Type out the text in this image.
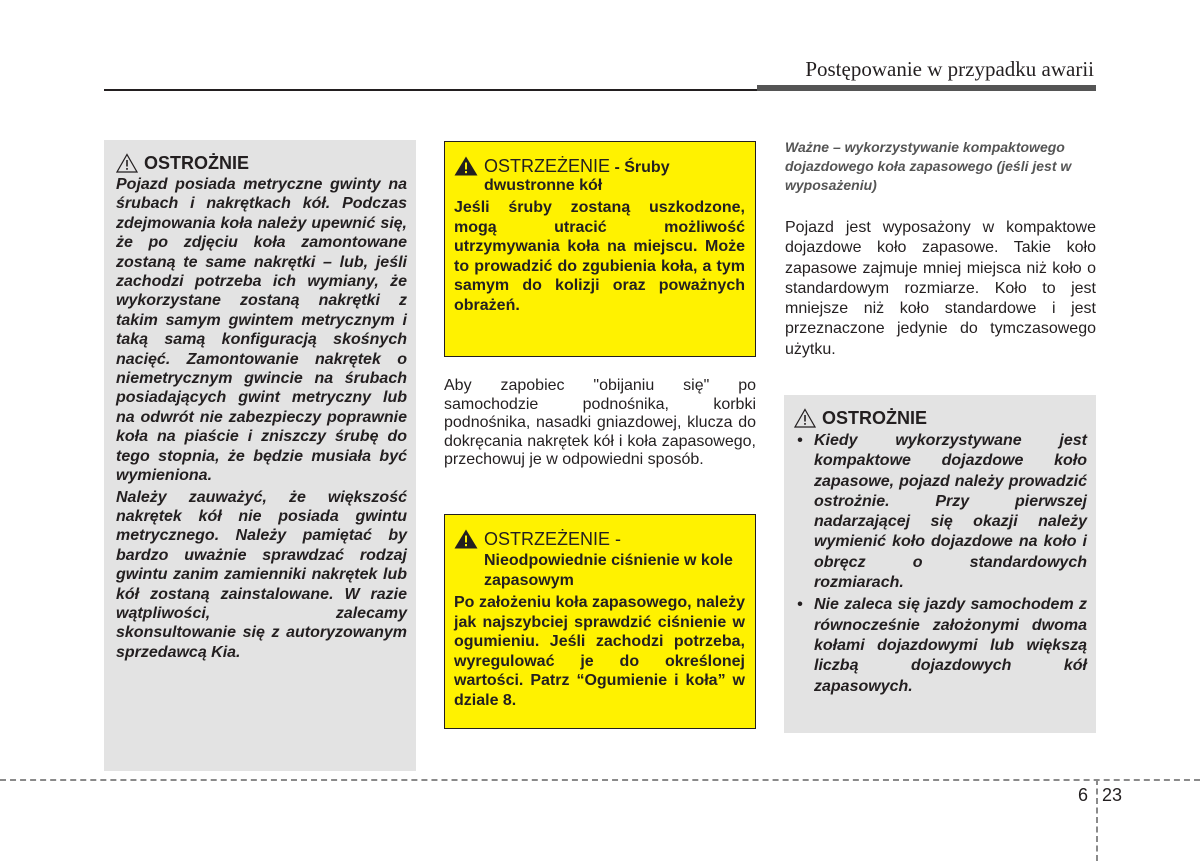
Postępowanie w przypadku awarii
OSTROŻNIE
Pojazd posiada metryczne gwinty na śrubach i nakrętkach kół. Podczas zdejmowania koła należy upewnić się, że po zdjęciu koła zamontowane zostaną te same nakrętki – lub, jeśli zachodzi potrzeba ich wymiany, że wykorzystane zostaną nakrętki z takim samym gwintem metrycznym i taką samą konfiguracją skośnych nacięć. Zamontowanie nakrętek o niemetrycznym gwincie na śrubach posiadających gwint metryczny lub na odwrót nie zabezpieczy poprawnie koła na piaście i zniszczy śrubę do tego stopnia, że będzie musiała być wymieniona.
Należy zauważyć, że większość nakrętek kół nie posiada gwintu metrycznego. Należy pamiętać by bardzo uważnie sprawdzać rodzaj gwintu zanim zamienniki nakrętek lub kół zostaną zainstalowane. W razie wątpliwości, zalecamy skonsultowanie się z autoryzowanym sprzedawcą Kia.
OSTRZEŻENIE - Śruby dwustronne kół
Jeśli śruby zostaną uszkodzone, mogą utracić możliwość utrzymywania koła na miejscu. Może to prowadzić do zgubienia koła, a tym samym do kolizji oraz poważnych obrażeń.
Aby zapobiec "obijaniu się" po samochodzie podnośnika, korbki podnośnika, nasadki gniazdowej, klucza do dokręcania nakrętek kół i koła zapasowego, przechowuj je w odpowiedni sposób.
OSTRZEŻENIE -
Nieodpowiednie ciśnienie w kole zapasowym
Po założeniu koła zapasowego, należy jak najszybciej sprawdzić ciśnienie w ogumieniu. Jeśli zachodzi potrzeba, wyregulować je do określonej wartości. Patrz “Ogumienie i koła” w dziale 8.
Ważne – wykorzystywanie kompaktowego dojazdowego koła zapasowego (jeśli jest w wyposażeniu)
Pojazd jest wyposażony w kompaktowe dojazdowe koło zapasowe. Takie koło zapasowe zajmuje mniej miejsca niż koło o standardowym rozmiarze. Koło to jest mniejsze niż koło standardowe i jest przeznaczone jedynie do tymczasowego użytku.
OSTROŻNIE
• Kiedy wykorzystywane jest kompaktowe dojazdowe koło zapasowe, pojazd należy prowadzić ostrożnie. Przy pierwszej nadarzającej się okazji należy wymienić koło dojazdowe na koło i obręcz o standardowych rozmiarach.
• Nie zaleca się jazdy samochodem z równocześnie założonymi dwoma kołami dojazdowymi lub większą liczbą dojazdowych kół zapasowych.
6 23
